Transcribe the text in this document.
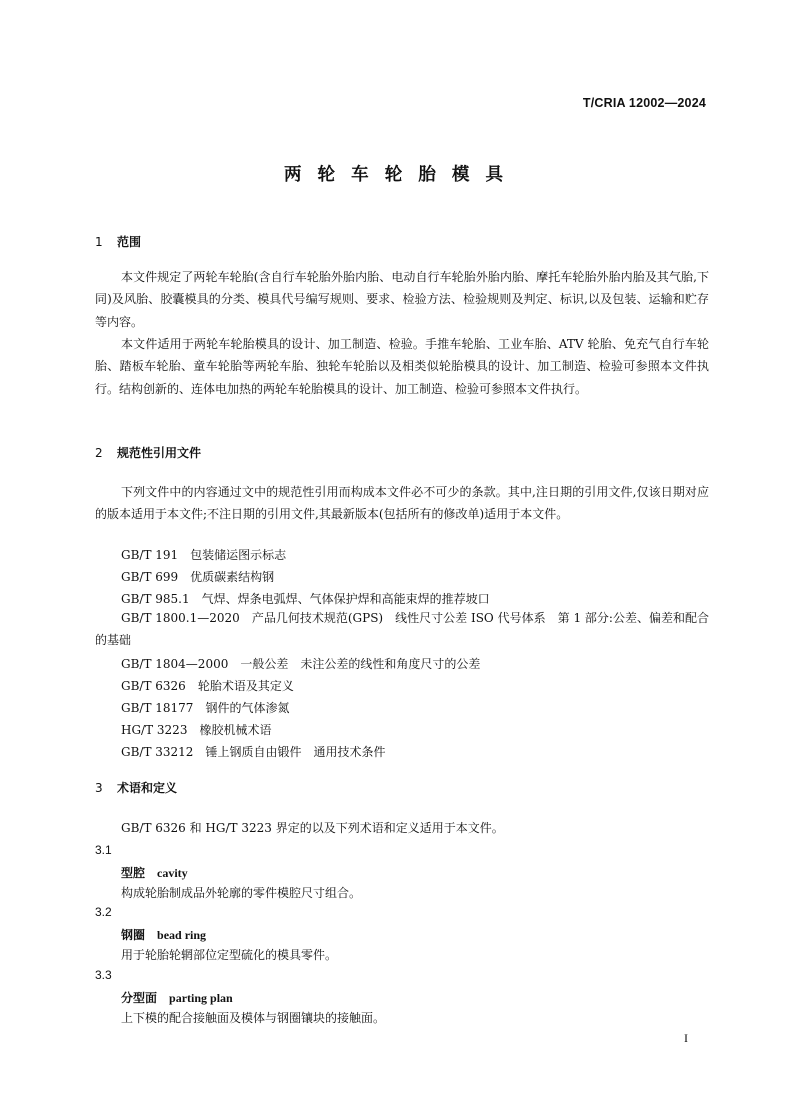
T/CRIA 12002—2024
两 轮 车 轮 胎 模 具
1 范围

本文件规定了两轮车轮胎(含自行车轮胎外胎内胎、电动自行车轮胎外胎内胎、摩托车轮胎外胎内胎及其气胎,下同)及风胎、胶囊模具的分类、模具代号编写规则、要求、检验方法、检验规则及判定、标识,以及包装、运输和贮存等内容。

本文件适用于两轮车轮胎模具的设计、加工制造、检验。手推车轮胎、工业车胎、ATV 轮胎、免充气自行车轮胎、踏板车轮胎、童车轮胎等两轮车胎、独轮车轮胎以及相类似轮胎模具的设计、加工制造、检验可参照本文件执行。结构创新的、连体电加热的两轮车轮胎模具的设计、加工制造、检验可参照本文件执行。

2 规范性引用文件

下列文件中的内容通过文中的规范性引用而构成本文件必不可少的条款。其中,注日期的引用文件,仅该日期对应的版本适用于本文件;不注日期的引用文件,其最新版本(包括所有的修改单)适用于本文件。

GB/T 191 包装储运图示标志
GB/T 699 优质碳素结构钢
GB/T 985.1 气焊、焊条电弧焊、气体保护焊和高能束焊的推荐坡口

GB/T 1800.1—2020 产品几何技术规范(GPS)　线性尺寸公差 ISO 代号体系　第 1 部分:公差、偏差和配合的基础

GB/T 1804—2000 一般公差　未注公差的线性和角度尺寸的公差
GB/T 6326 轮胎术语及其定义
GB/T 18177 钢件的气体渗氮
HG/T 3223 橡胶机械术语
GB/T 33212 锤上钢质自由锻件　通用技术条件
3 术语和定义
GB/T 6326 和 HG/T 3223 界定的以及下列术语和定义适用于本文件。
3.1
型腔 cavity
构成轮胎制成品外轮廓的零件模腔尺寸组合。
3.2
钢圈 bead ring
用于轮胎轮辋部位定型硫化的模具零件。
3.3
分型面 parting plan
上下模的配合接触面及模体与钢圈镶块的接触面。
I
